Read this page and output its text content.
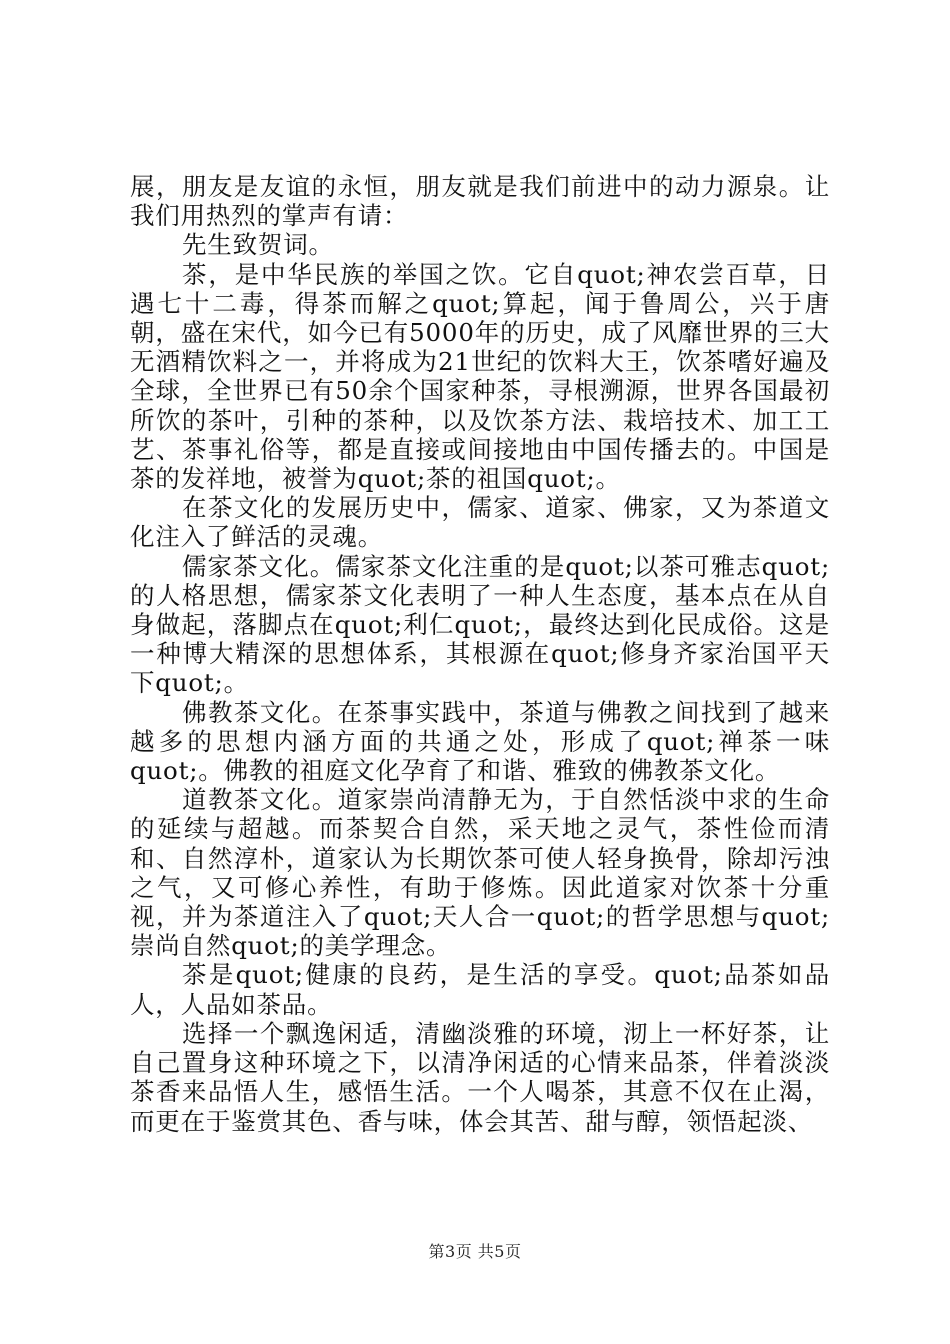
展，朋友是友谊的永恒，朋友就是我们前进中的动力源泉。让我们用热烈的掌声有请：

先生致贺词。

茶，是中华民族的举国之饮。它自quot;神农尝百草，日遇七十二毒，得茶而解之quot;算起，闻于鲁周公，兴于唐朝，盛在宋代，如今已有5000年的历史，成了风靡世界的三大无酒精饮料之一，并将成为21世纪的饮料大王，饮茶嗜好遍及全球，全世界已有50余个国家种茶，寻根溯源，世界各国最初所饮的茶叶，引种的茶种，以及饮茶方法、栽培技术、加工工艺、茶事礼俗等，都是直接或间接地由中国传播去的。中国是茶的发祥地，被誉为quot;茶的祖国quot;。

在茶文化的发展历史中，儒家、道家、佛家，又为茶道文化注入了鲜活的灵魂。

儒家茶文化。儒家茶文化注重的是quot;以茶可雅志quot;的人格思想，儒家茶文化表明了一种人生态度，基本点在从自身做起，落脚点在quot;利仁quot;，最终达到化民成俗。这是一种博大精深的思想体系，其根源在quot;修身齐家治国平天下quot;。

佛教茶文化。在茶事实践中，茶道与佛教之间找到了越来越多的思想内涵方面的共通之处，形成了quot;禅茶一味quot;。佛教的祖庭文化孕育了和谐、雅致的佛教茶文化。

道教茶文化。道家崇尚清静无为，于自然恬淡中求的生命的延续与超越。而茶契合自然，采天地之灵气，茶性俭而清和、自然淳朴，道家认为长期饮茶可使人轻身换骨，除却污浊之气，又可修心养性，有助于修炼。因此道家对饮茶十分重视，并为茶道注入了quot;天人合一quot;的哲学思想与quot;崇尚自然quot;的美学理念。

茶是quot;健康的良药，是生活的享受。quot;品茶如品人，人品如茶品。

选择一个飘逸闲适，清幽淡雅的环境，沏上一杯好茶，让自己置身这种环境之下，以清净闲适的心情来品茶，伴着淡淡茶香来品悟人生，感悟生活。一个人喝茶，其意不仅在止渴，而更在于鉴赏其色、香与味，体会其苦、甜与醇，领悟起淡、

第3页 共5页
